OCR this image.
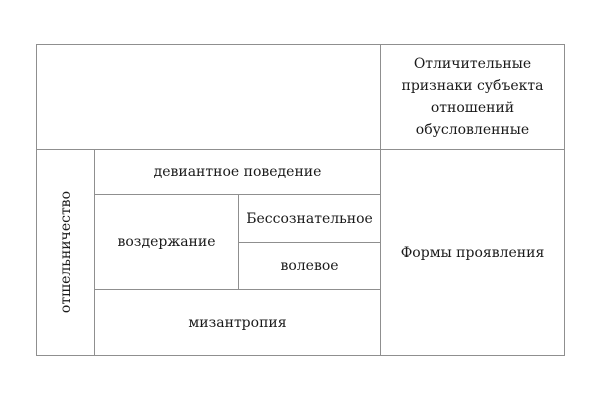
Отличительные
признаки субъекта
отношений
обусловленные
отшельничество
девиантное поведение
воздержание
Бессознательное
волевое
мизантропия
Формы проявления
